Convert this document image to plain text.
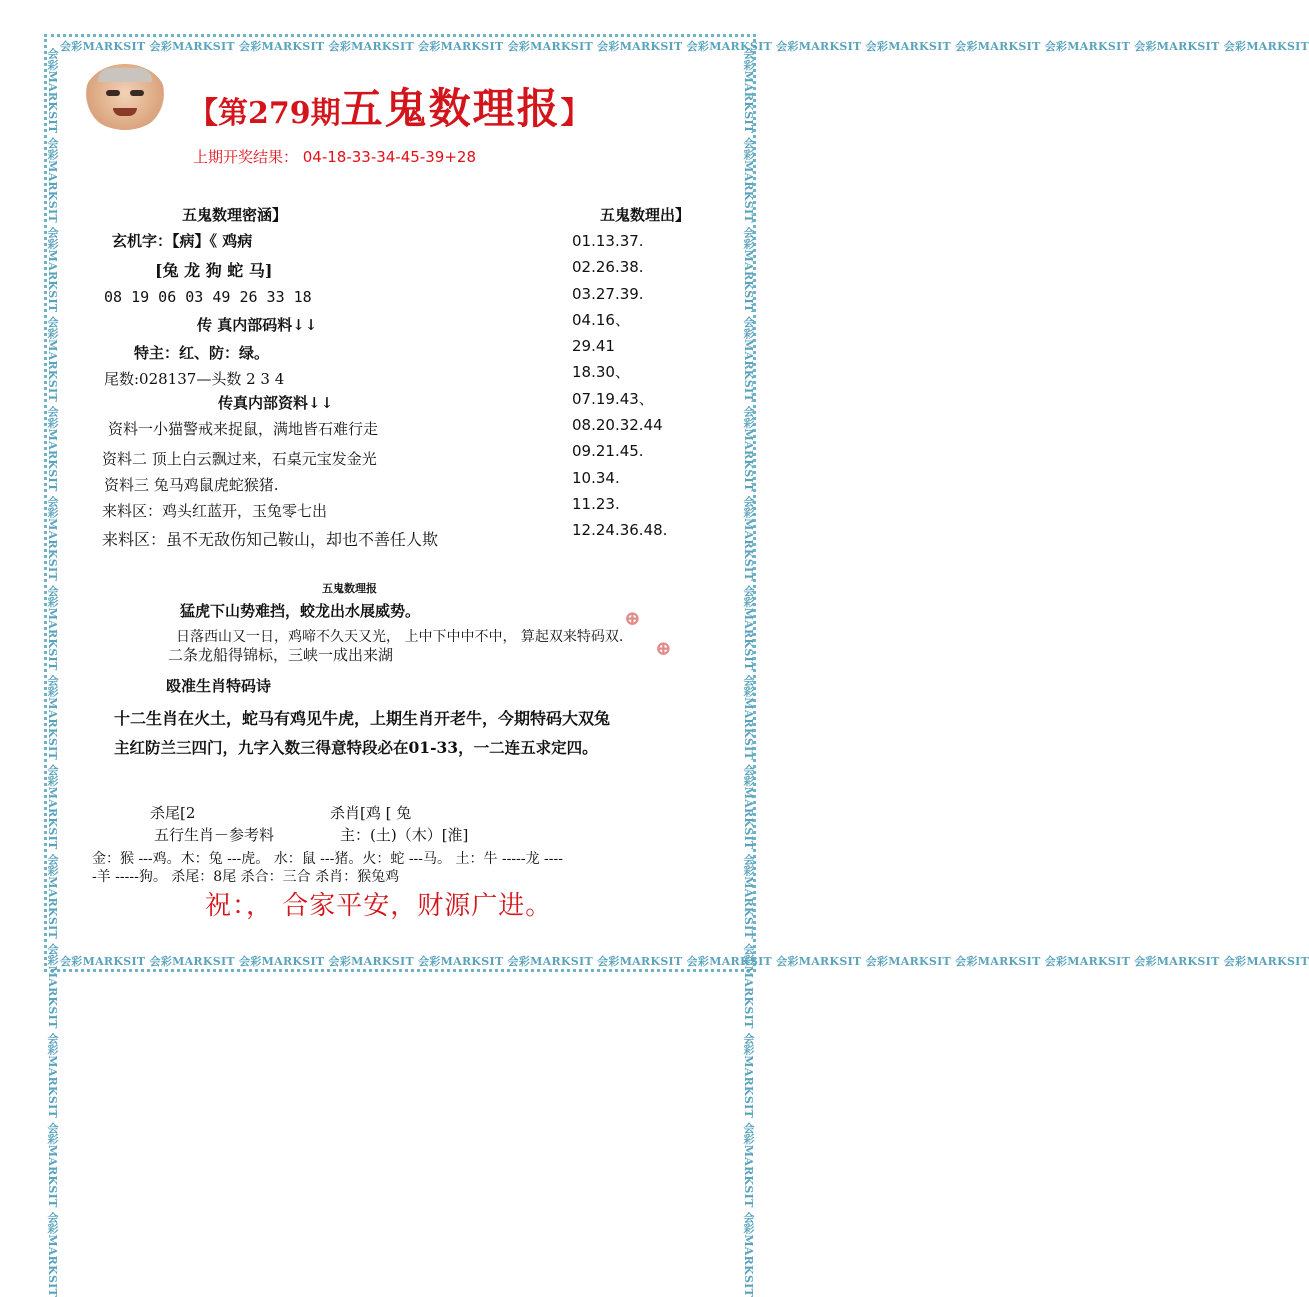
会彩MARKSIT 会彩MARKSIT 会彩MARKSIT 会彩MARKSIT 会彩MARKSIT 会彩MARKSIT 会彩MARKSIT 会彩MARKSIT 会彩MARKSIT 会彩MARKSIT 会彩MARKSIT 会彩MARKSIT 会彩MARKSIT 会彩MARKSIT
会彩MARKSIT 会彩MARKSIT 会彩MARKSIT 会彩MARKSIT 会彩MARKSIT 会彩MARKSIT 会彩MARKSIT 会彩MARKSIT 会彩MARKSIT 会彩MARKSIT 会彩MARKSIT 会彩MARKSIT 会彩MARKSIT 会彩MARKSIT
会彩MARKSIT 会彩MARKSIT 会彩MARKSIT 会彩MARKSIT 会彩MARKSIT 会彩MARKSIT 会彩MARKSIT 会彩MARKSIT 会彩MARKSIT 会彩MARKSIT 会彩MARKSIT 会彩MARKSIT 会彩MARKSIT 会彩MARKSIT	会彩MARKSIT 会彩MARKSIT 会彩MARKSIT 会彩MARKSIT 会彩MARKSIT 会彩MARKSIT 会彩MARKSIT 会彩MARKSIT 会彩MARKSIT 会彩MARKSIT 会彩MARKSIT 会彩MARKSIT 会彩MARKSIT 会彩MARKSIT
【第279期五鬼数理报】
上期开奖结果： 04-18-33-34-45-39+28
五鬼数理密涵】
玄机字：【病】《 鸡病
[兔 龙 狗 蛇 马]
08 19 06 03 49 26 33 18
传 真内部码料↓↓
特主：红、防：绿。
尾数:028137—头数 2 3 4
传真内部资料↓↓
资料一小猫警戒来捉鼠，满地皆石难行走
资料二 顶上白云飘过来，石桌元宝发金光
资料三 兔马鸡鼠虎蛇猴猪.
来料区：鸡头红蓝开，玉兔零七出
来料区：虽不无敌伤知己鞍山，却也不善任人欺
五鬼数理出】
01.13.37.
02.26.38.
03.27.39.
04.16、
29.41
18.30、
07.19.43、
08.20.32.44
09.21.45.
10.34.
11.23.
12.24.36.48.
五鬼数理报
猛虎下山势难挡，蛟龙出水展威势。
日落西山又一日，鸡啼不久天又光， 上中下中中不中， 算起双来特码双.
二条龙船得锦标，三峡一成出来湖
殴准生肖特码诗
十二生肖在火土，蛇马有鸡见牛虎，上期生肖开老牛，今期特码大双兔
主红防兰三四门，九字入数三得意特段必在01-33，一二连五求定四。
⊕
⊕
杀尾[2	杀肖[鸡 [ 兔
五行生肖－参考料	主：(土)（木）[淮]
金：猴 ---鸡。木：兔 ---虎。 水：鼠 ---猪。火：蛇 ---马。 土：牛 -----龙 ----
-羊 -----狗。 杀尾：8尾 杀合：三合 杀肖：猴兔鸡
祝：， 合家平安，财源广进。
